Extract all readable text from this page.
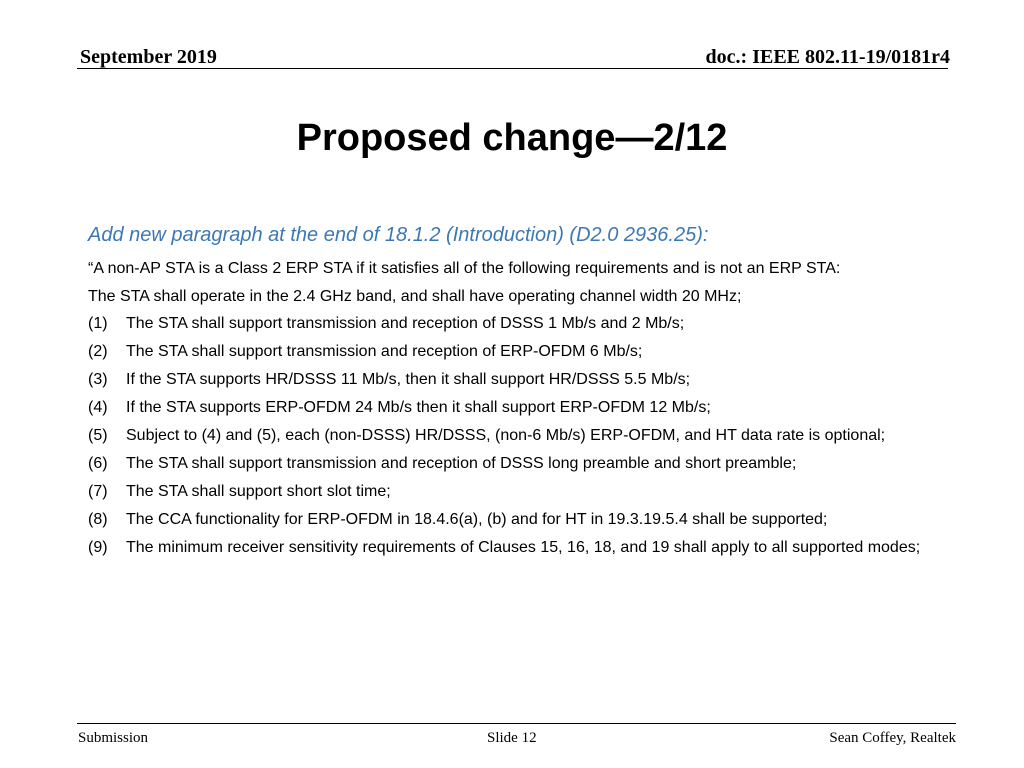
September 2019	doc.: IEEE 802.11-19/0181r4
Proposed change—2/12
Add new paragraph at the end of 18.1.2 (Introduction) (D2.0 2936.25):
“A non-AP STA is a Class 2 ERP STA if it satisfies all of the following requirements and is not an ERP STA:
The STA shall operate in the 2.4 GHz band, and shall have operating channel width 20 MHz;
(1)	The STA shall support transmission and reception of DSSS 1 Mb/s and 2 Mb/s;
(2)	The STA shall support transmission and reception of ERP-OFDM 6 Mb/s;
(3)	If the STA supports HR/DSSS 11 Mb/s, then it shall support HR/DSSS 5.5 Mb/s;
(4)	If the STA supports ERP-OFDM 24 Mb/s then it shall support ERP-OFDM 12 Mb/s;
(5)	Subject to (4) and (5), each (non-DSSS) HR/DSSS, (non-6 Mb/s) ERP-OFDM, and HT data rate is optional;
(6)	The STA shall support transmission and reception of DSSS long preamble and short preamble;
(7)	The STA shall support short slot time;
(8)	The CCA functionality for ERP-OFDM in 18.4.6(a), (b) and for HT in 19.3.19.5.4 shall be supported;
(9)	The minimum receiver sensitivity requirements of Clauses 15, 16, 18, and 19 shall apply to all supported modes;
Submission	Slide 12	Sean Coffey, Realtek
